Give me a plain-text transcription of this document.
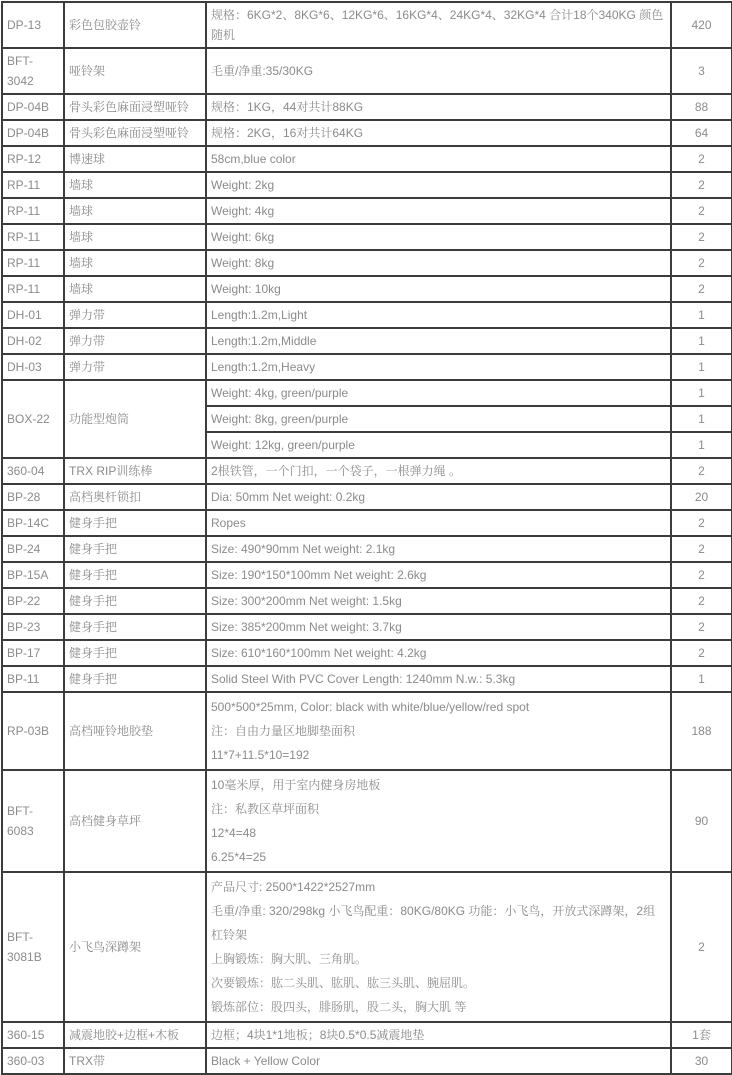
DP-13	彩色包胶壶铃	规格：6KG*2、8KG*6、12KG*6、16KG*4、24KG*4、32KG*4 合计18个340KG 颜色随机	420
BFT-3042	哑铃架	毛重/净重:35/30KG	3
DP-04B	骨头彩色麻面浸塑哑铃	规格：1KG，44对共计88KG	88
DP-04B	骨头彩色麻面浸塑哑铃	规格：2KG，16对共计64KG	64
RP-12	博速球	58cm,blue color	2
RP-11	墙球	Weight: 2kg	2
RP-11	墙球	Weight: 4kg	2
RP-11	墙球	Weight: 6kg	2
RP-11	墙球	Weight: 8kg	2
RP-11	墙球	Weight: 10kg	2
DH-01	弹力带	Length:1.2m,Light	1
DH-02	弹力带	Length:1.2m,Middle	1
DH-03	弹力带	Length:1.2m,Heavy	1
BOX-22	功能型炮筒	Weight: 4kg, green/purple	1

		Weight: 8kg, green/purple	1

		Weight: 12kg, green/purple	1
360-04	TRX RIP训练棒	2根铁管，一个门扣，一个袋子，一根弹力绳 。	2
BP-28	高档奥杆锁扣	Dia: 50mm Net weight: 0.2kg	20
BP-14C	健身手把	Ropes	2
BP-24	健身手把	Size: 490*90mm Net weight: 2.1kg	2
BP-15A	健身手把	Size: 190*150*100mm Net weight: 2.6kg	2
BP-22	健身手把	Size: 300*200mm Net weight: 1.5kg	2
BP-23	健身手把	Size: 385*200mm Net weight: 3.7kg	2
BP-17	健身手把	Size: 610*160*100mm Net weight: 4.2kg	2
BP-11	健身手把	Solid Steel With PVC Cover Length: 1240mm N.w.: 5.3kg	1
RP-03B	高档哑铃地胶垫	500*500*25mm, Color: black with white/blue/yellow/red spot
注：自由力量区地脚垫面积
11*7+11.5*10=192	188
BFT-6083	高档健身草坪	10毫米厚，用于室内健身房地板
注：私教区草坪面积
12*4=48
6.25*4=25	90
BFT-3081B	小飞鸟深蹲架	产品尺寸: 2500*1422*2527mm
毛重/净重: 320/298kg 小飞鸟配重：80KG/80KG 功能：小飞鸟，开放式深蹲架，2组杠铃架
上胸锻炼：胸大肌、三角肌。
次要锻炼：肱二头肌、肱肌、肱三头肌、腕屈肌。
锻炼部位：股四头，腓肠肌，股二头，胸大肌 等	2
360-15	减震地胶+边框+木板	边框；4块1*1地板；8块0.5*0.5减震地垫	1套
360-03	TRX带	Black + Yellow Color	30
